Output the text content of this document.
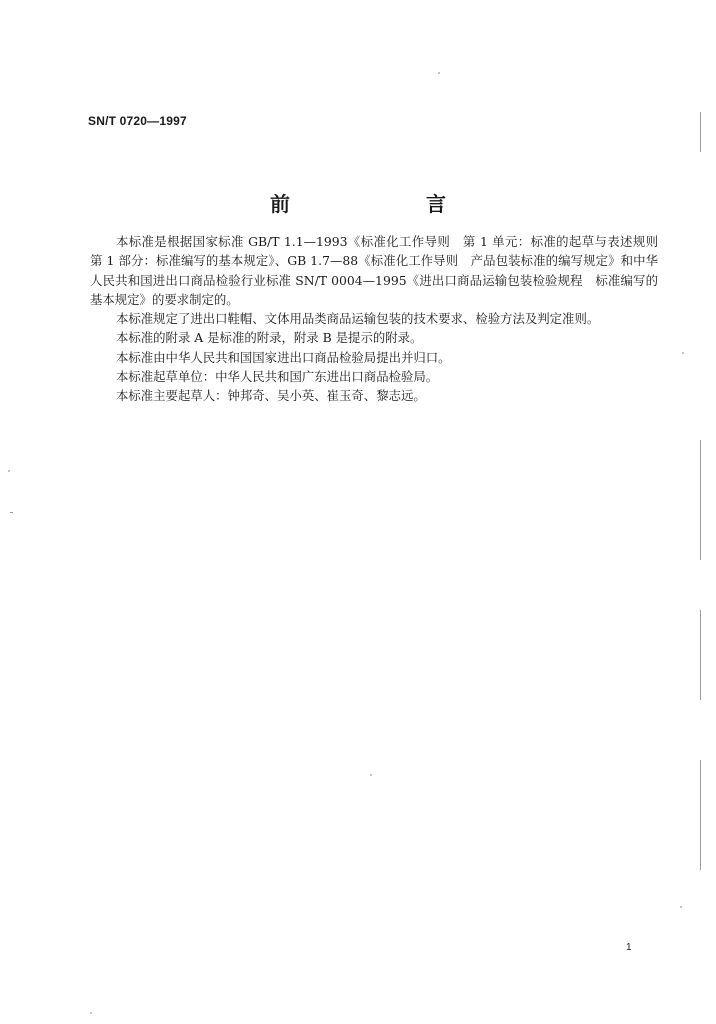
SN/T 0720—1997
前　言

本标准是根据国家标准 GB/T 1.1—1993《标准化工作导则　第 1 单元：标准的起草与表述规则　第 1 部分：标准编写的基本规定》、GB 1.7—88《标准化工作导则　产品包装标准的编写规定》和中华人民共和国进出口商品检验行业标准 SN/T 0004—1995《进出口商品运输包装检验规程　标准编写的基本规定》的要求制定的。

本标准规定了进出口鞋帽、文体用品类商品运输包装的技术要求、检验方法及判定准则。

本标准的附录 A 是标准的附录，附录 B 是提示的附录。

本标准由中华人民共和国国家进出口商品检验局提出并归口。

本标准起草单位：中华人民共和国广东进出口商品检验局。

本标准主要起草人：钟邦奇、吴小英、崔玉奇、黎志远。

1
